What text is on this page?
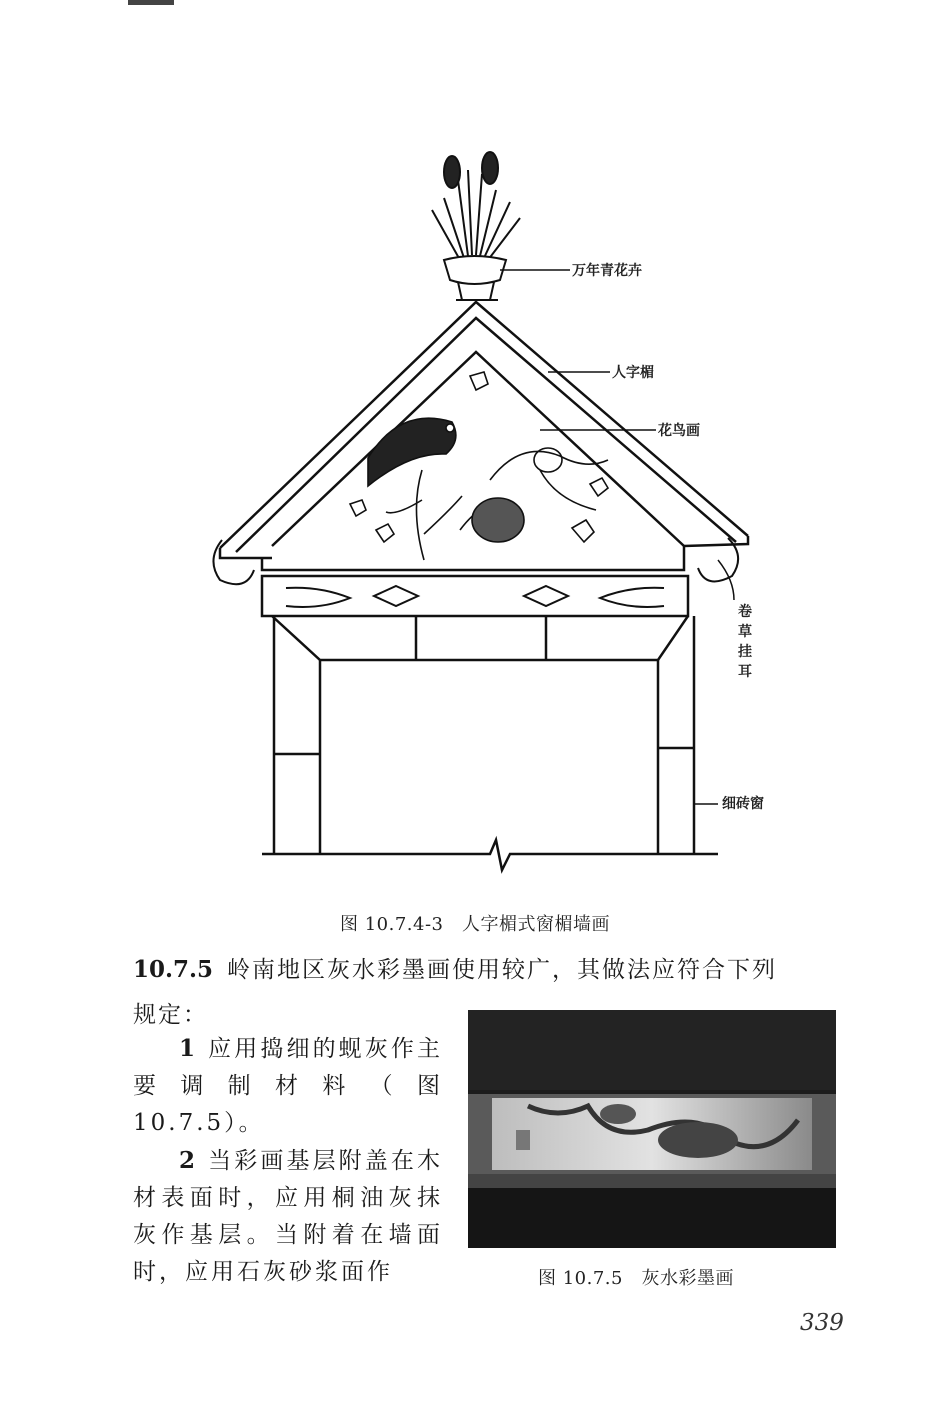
万年青花卉
人字楣
花鸟画
细砖窗
卷草挂耳
图 10.7.4-3　人字楣式窗楣墙画
10.7.5 岭南地区灰水彩墨画使用较广，其做法应符合下列
规定：

1 应用捣细的蚬灰作主要调制材料（图10.7.5）。

2 当彩画基层附盖在木材表面时，应用桐油灰抹灰作基层。当附着在墙面时，应用石灰砂浆面作	图 10.7.5　灰水彩墨画
339
